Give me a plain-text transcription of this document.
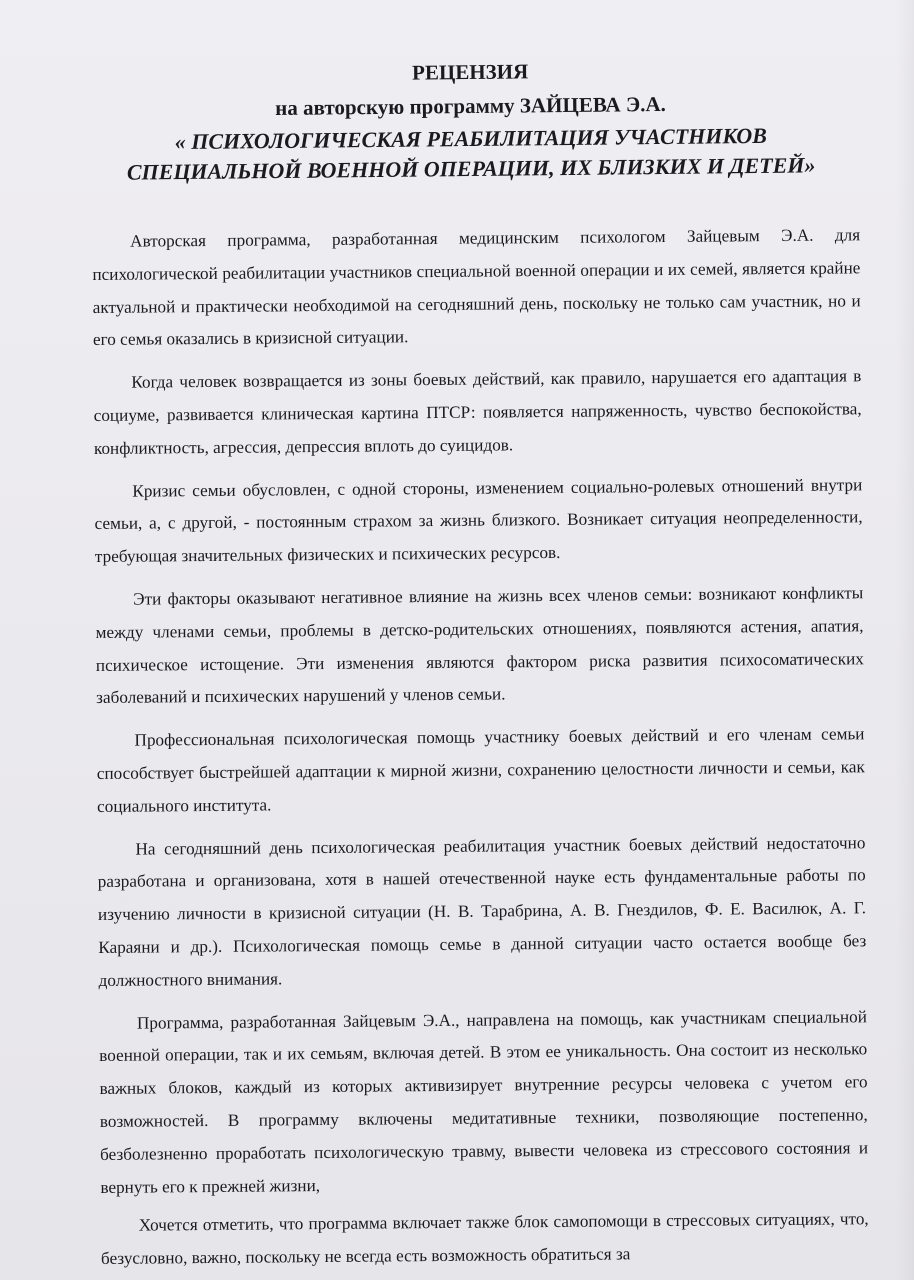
РЕЦЕНЗИЯ

на авторскую программу ЗАЙЦЕВА Э.А.

« ПСИХОЛОГИЧЕСКАЯ РЕАБИЛИТАЦИЯ УЧАСТНИКОВ СПЕЦИАЛЬНОЙ ВОЕННОЙ ОПЕРАЦИИ, ИХ БЛИЗКИХ И ДЕТЕЙ»

Авторская программа, разработанная медицинским психологом Зайцевым Э.А. для психологической реабилитации участников специальной военной операции и их семей, является крайне актуальной и практически необходимой на сегодняшний день, поскольку не только сам участник, но и его семья оказались в кризисной ситуации.

Когда человек возвращается из зоны боевых действий, как правило, нарушается его адаптация в социуме, развивается клиническая картина ПТСР: появляется напряженность, чувство беспокойства, конфликтность, агрессия, депрессия вплоть до суицидов.

Кризис семьи обусловлен, с одной стороны, изменением социально-ролевых отношений внутри семьи, а, с другой, - постоянным страхом за жизнь близкого. Возникает ситуация неопределенности, требующая значительных физических и психических ресурсов.

Эти факторы оказывают негативное влияние на жизнь всех членов семьи: возникают конфликты между членами семьи, проблемы в детско-родительских отношениях, появляются астения, апатия, психическое истощение. Эти изменения являются фактором риска развития психосоматических заболеваний и психических нарушений у членов семьи.

Профессиональная психологическая помощь участнику боевых действий и его членам семьи способствует быстрейшей адаптации к мирной жизни, сохранению целостности личности и семьи, как социального института.

На сегодняшний день психологическая реабилитация участник боевых действий недостаточно разработана и организована, хотя в нашей отечественной науке есть фундаментальные работы по изучению личности в кризисной ситуации (Н. В. Тарабрина, А. В. Гнездилов, Ф. Е. Василюк, А. Г. Караяни и др.). Психологическая помощь семье в данной ситуации часто остается вообще без должностного внимания.

Программа, разработанная Зайцевым Э.А., направлена на помощь, как участникам специальной военной операции, так и их семьям, включая детей. В этом ее уникальность. Она состоит из несколько важных блоков, каждый из которых активизирует внутренние ресурсы человека с учетом его возможностей. В программу включены медитативные техники, позволяющие постепенно, безболезненно проработать психологическую травму, вывести человека из стрессового состояния и вернуть его к прежней жизни,

Хочется отметить, что программа включает также блок самопомощи в стрессовых ситуациях, что, безусловно, важно, поскольку не всегда есть возможность обратиться за
